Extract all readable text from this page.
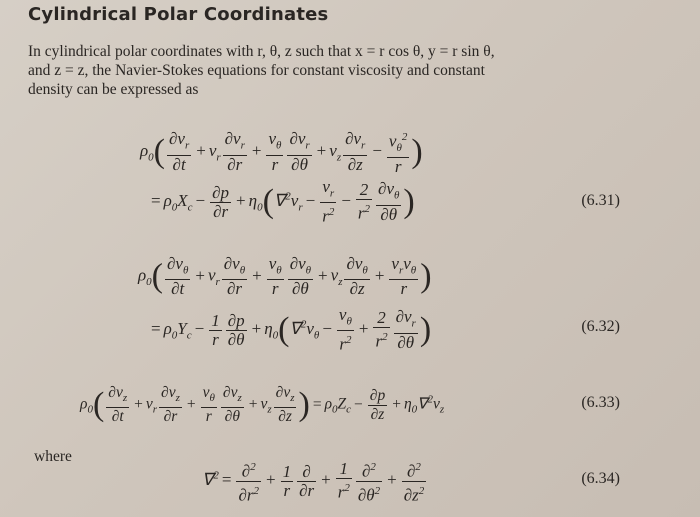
Cylindrical Polar Coordinates
In cylindrical polar coordinates with r, θ, z such that x = r cos θ, y = r sin θ,
and z = z, the Navier-Stokes equations for constant viscosity and constant
density can be expressed as
$\rho_0( \frac{\partial v_r}{\partial t} + v_r \frac{\partial v_r}{\partial r} + \frac{v_\theta}{r} \frac{\partial v_r}{\partial\theta} + v_z \frac{\partial v_r}{\partial z} - \frac{v_\theta^2}{r}$ )
= $\rho_0X_c - \frac{\partial p}{\partial r} + \eta_0(\nabla^2v_r - \frac{v_r}{r^2} - \frac{2}{r^2} \frac{\partial v_\theta}{\partial\theta}$ )	(6.31)
$\rho_0( \frac{\partial v_\theta}{\partial t} + v_r \frac{\partial v_\theta}{\partial r} + \frac{v_\theta}{r} \frac{\partial v_\theta}{\partial\theta} + v_z \frac{\partial v_\theta}{\partial z}$ +
$v_rv_\theta$
r )
= $\rho_0Y_c - \frac{1}{r} \frac{\partial p}{\partial\theta} + \eta_0(\nabla^2v_\theta - \frac{v_\theta}{r^2} + \frac{2}{r^2} \frac{\partial v_r}{\partial\theta}$ )	(6.32)
$\rho_0( \frac{\partial v_z}{\partial t} + v_r \frac{\partial v_z}{\partial r} + \frac{v_\theta}{r} \frac{\partial v_z}{\partial\theta} + v_z \frac{\partial v_z}{\partial z}$ ) = $\rho_0Z_c - \frac{\partial p}{\partial z} + \eta_0\nabla^2v_z$	(6.33)
where
$\nabla^2 = \frac{\partial^2}{\partial r^2} + \frac{1}{r}$ ∂
∂r
+ $\frac{1}{r^2} \frac{\partial^2}{\partial\theta^2} + \frac{\partial^2}{\partial z^2}$	(6.34)
